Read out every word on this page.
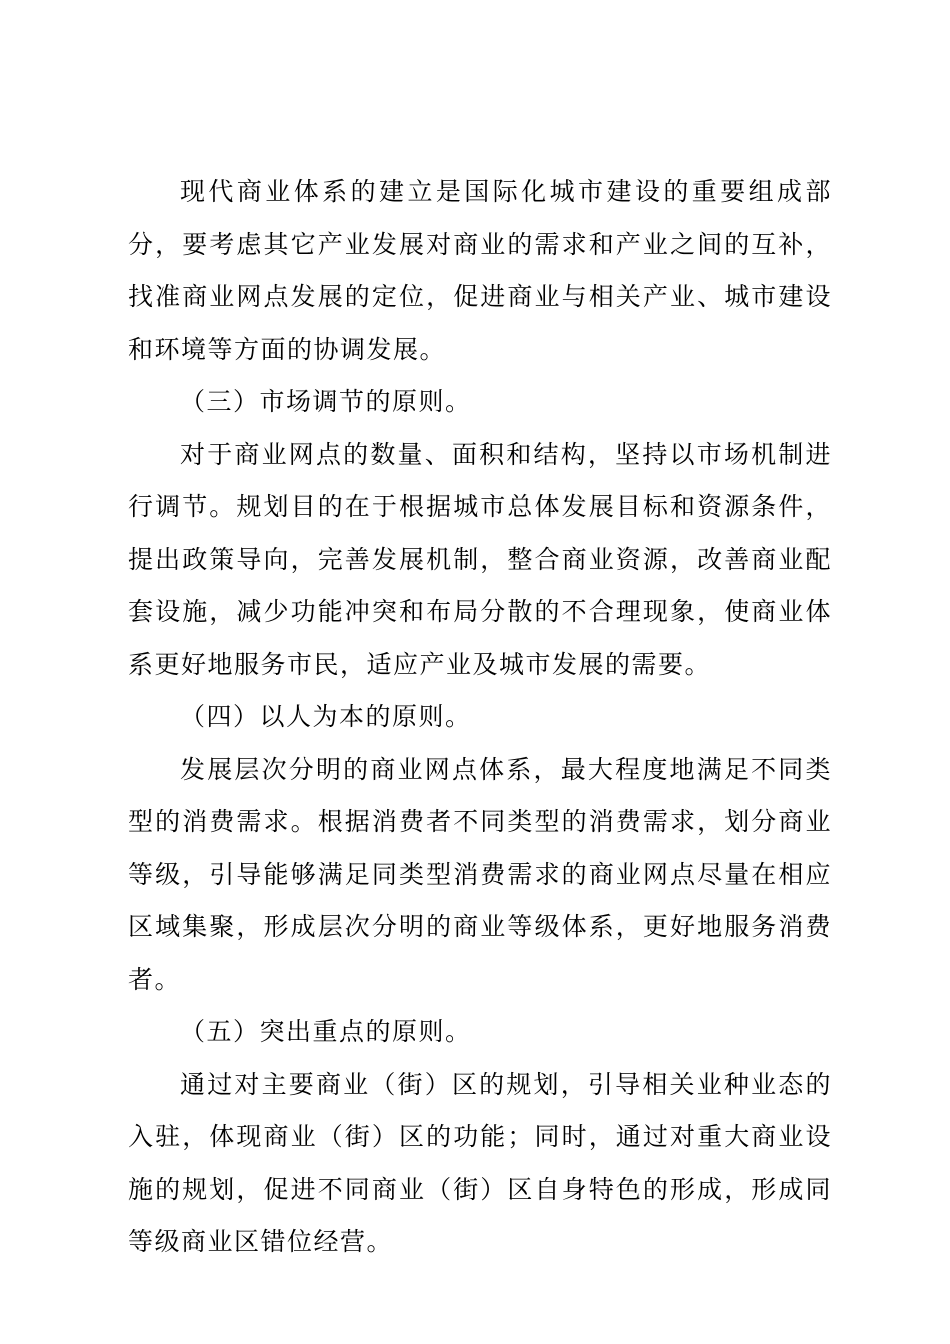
现代商业体系的建立是国际化城市建设的重要组成部分，要考虑其它产业发展对商业的需求和产业之间的互补，找准商业网点发展的定位，促进商业与相关产业、城市建设和环境等方面的协调发展。

（三）市场调节的原则。

对于商业网点的数量、面积和结构，坚持以市场机制进行调节。规划目的在于根据城市总体发展目标和资源条件，提出政策导向，完善发展机制，整合商业资源，改善商业配套设施，减少功能冲突和布局分散的不合理现象，使商业体系更好地服务市民，适应产业及城市发展的需要。

（四）以人为本的原则。

发展层次分明的商业网点体系，最大程度地满足不同类型的消费需求。根据消费者不同类型的消费需求，划分商业等级，引导能够满足同类型消费需求的商业网点尽量在相应区域集聚，形成层次分明的商业等级体系，更好地服务消费者。

（五）突出重点的原则。

通过对主要商业（街）区的规划，引导相关业种业态的入驻，体现商业（街）区的功能；同时，通过对重大商业设施的规划，促进不同商业（街）区自身特色的形成，形成同等级商业区错位经营。
